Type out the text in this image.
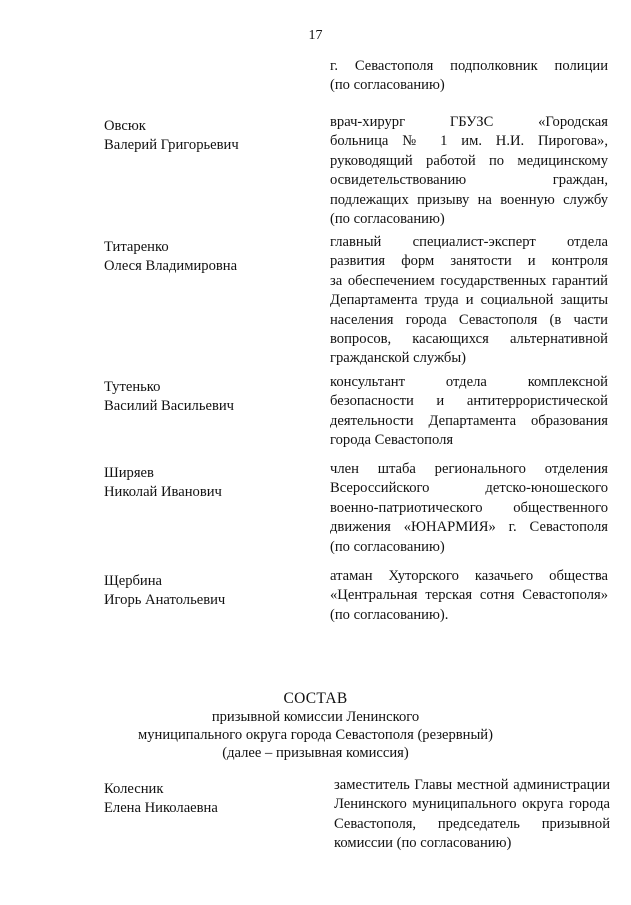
17
г. Севастополя подполковник полиции
(по согласованию)
Овсюк
Валерий Григорьевич
врач-хирург ГБУЗС «Городская
больница № 1 им. Н.И. Пирогова»,
руководящий работой по медицинскому
освидетельствованию граждан,
подлежащих призыву на военную службу
(по согласованию)
Титаренко
Олеся Владимировна
главный специалист-эксперт отдела
развития форм занятости и контроля
за обеспечением государственных гарантий
Департамента труда и социальной защиты
населения города Севастополя (в части
вопросов, касающихся альтернативной
гражданской службы)
Тутенько
Василий Васильевич
консультант отдела комплексной
безопасности и антитеррористической
деятельности Департамента образования
города Севастополя
Ширяев
Николай Иванович
член штаба регионального отделения
Всероссийского детско-юношеского
военно-патриотического общественного
движения «ЮНАРМИЯ» г. Севастополя
(по согласованию)
Щербина
Игорь Анатольевич
атаман Хуторского казачьего общества
«Центральная терская сотня Севастополя»
(по согласованию).
СОСТАВ
призывной комиссии Ленинского
муниципального округа города Севастополя (резервный)
(далее – призывная комиссия)
Колесник
Елена Николаевна
заместитель Главы местной администрации
Ленинского муниципального округа города
Севастополя, председатель призывной
комиссии (по согласованию)
